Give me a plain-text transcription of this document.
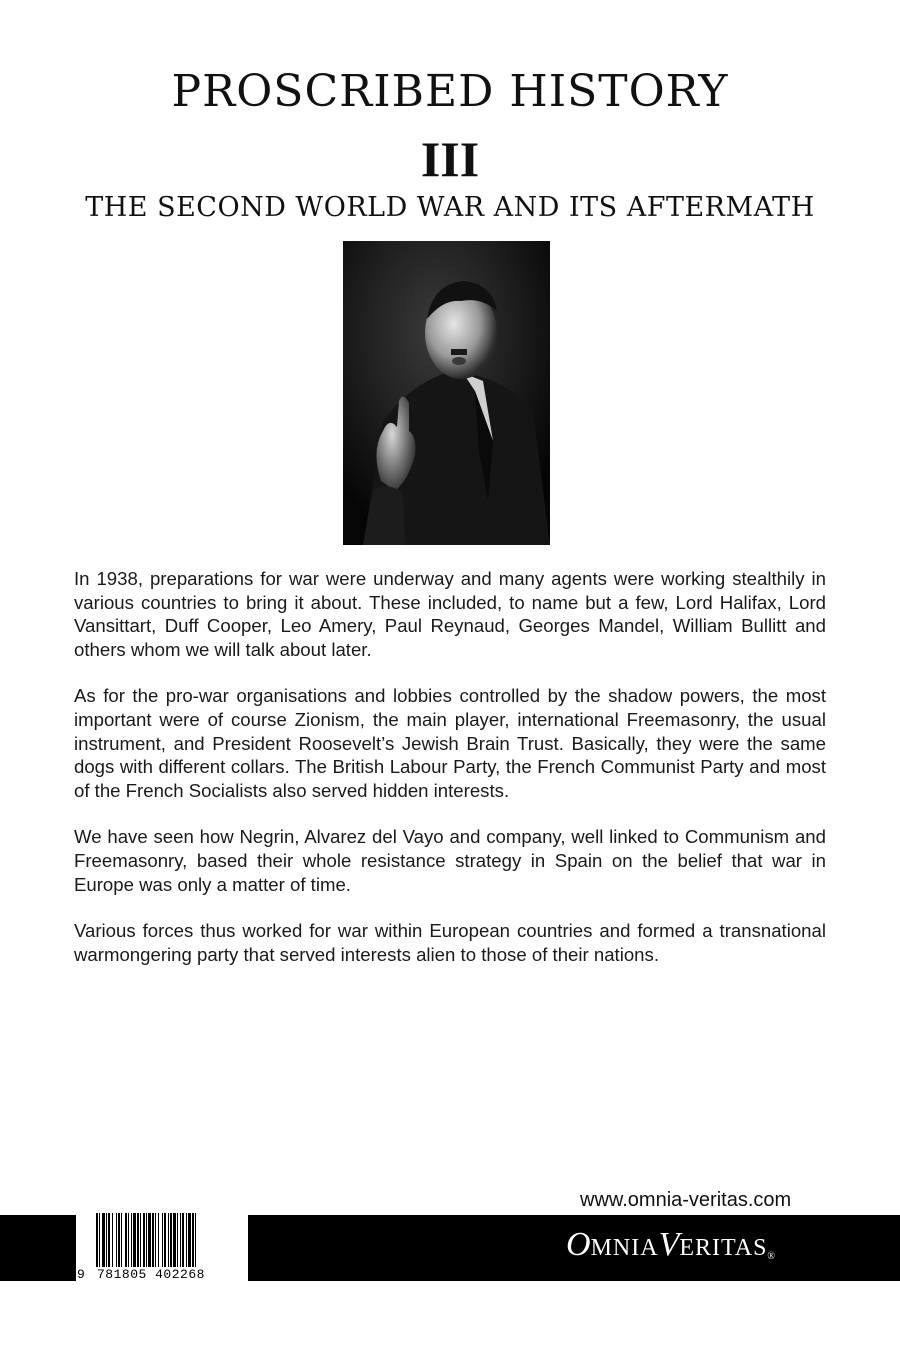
PROSCRIBED HISTORY
III
THE SECOND WORLD WAR AND ITS AFTERMATH

In 1938, preparations for war were underway and many agents were working stealthily in various countries to bring it about. These included, to name but a few, Lord Halifax, Lord Vansittart, Duff Cooper, Leo Amery, Paul Reynaud, Georges Mandel, William Bullitt and others whom we will talk about later.

As for the pro-war organisations and lobbies controlled by the shadow powers, the most important were of course Zionism, the main player, international Freemasonry, the usual instrument, and President Roosevelt’s Jewish Brain Trust. Basically, they were the same dogs with different collars. The British Labour Party, the French Communist Party and most of the French Socialists also served hidden interests.

We have seen how Negrin, Alvarez del Vayo and company, well linked to Communism and Freemasonry, based their whole resistance strategy in Spain on the belief that war in Europe was only a matter of time.

Various forces thus worked for war within European countries and formed a transnational warmongering party that served interests alien to those of their nations.

www.omnia-veritas.com
9 781805 402268
$OMNIAVERITAS_®$
